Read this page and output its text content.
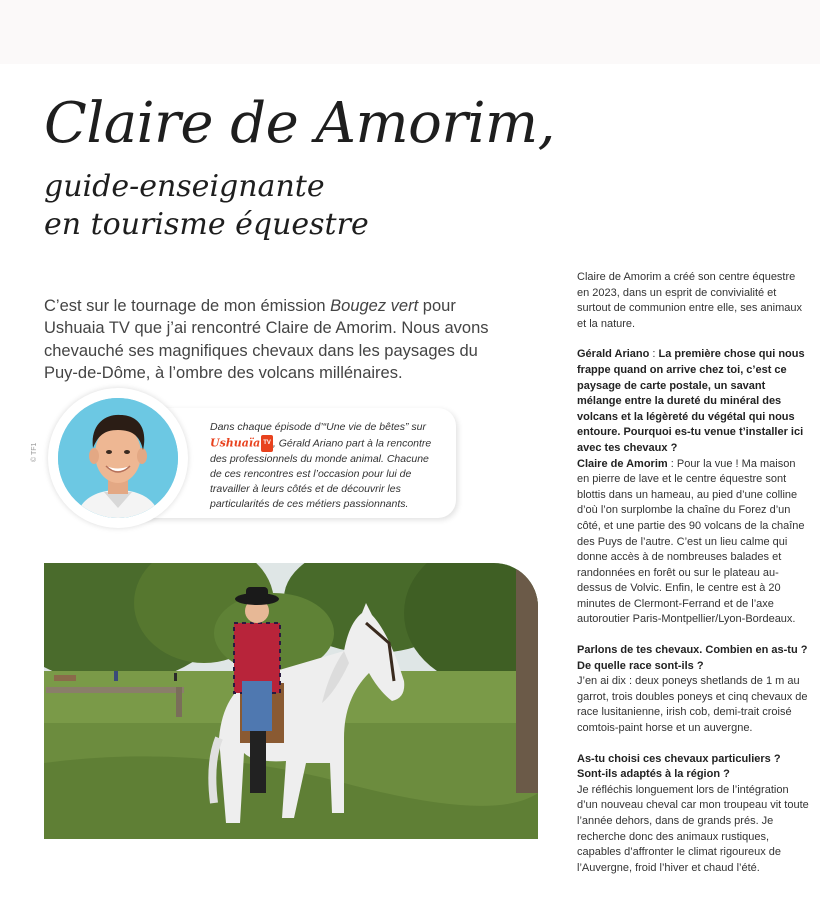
Claire de Amorim,
guide-enseignante
en tourisme équestre

C’est sur le tournage de mon émission Bougez vert pour Ushuaia TV que j’ai rencontré Claire de Amorim. Nous avons chevauché ses magnifiques chevaux dans les paysages du Puy-de-Dôme, à l’ombre des volcans millénaires.

© TF1
Dans chaque épisode d’“Une vie de bêtes” sur Ushuaïa TV , Gérald Ariano part à la rencontre des professionnels du monde animal. Chacune de ces rencontres est l’occasion pour lui de travailler à leurs côtés et de découvrir les particularités de ces métiers passionnants.

Claire de Amorim a créé son centre équestre en 2023, dans un esprit de convivialité et surtout de communion entre elle, ses animaux et la nature.

Gérald Ariano : La première chose qui nous frappe quand on arrive chez toi, c’est ce paysage de carte postale, un savant mélange entre la dureté du minéral des volcans et la légèreté du végétal qui nous entoure. Pourquoi es-tu venue t’installer ici avec tes chevaux ?
Claire de Amorim : Pour la vue ! Ma maison en pierre de lave et le centre équestre sont blottis dans un hameau, au pied d’une colline d’où l’on surplombe la chaîne du Forez d’un côté, et une partie des 90 volcans de la chaîne des Puys de l’autre. C’est un lieu calme qui donne accès à de nombreuses balades et randonnées en forêt ou sur le plateau au-dessus de Volvic. Enfin, le centre est à 20 minutes de Clermont-Ferrand et de l’axe autoroutier Paris-Montpellier/Lyon-Bordeaux.

Parlons de tes chevaux. Combien en as-tu ? De quelle race sont-ils ?
J’en ai dix : deux poneys shetlands de 1 m au garrot, trois doubles poneys et cinq chevaux de race lusitanienne, irish cob, demi-trait croisé comtois-paint horse et un auvergne.

As-tu choisi ces chevaux particuliers ? Sont-ils adaptés à la région ?
Je réfléchis longuement lors de l’intégration d’un nouveau cheval car mon troupeau vit toute l’année dehors, dans de grands prés. Je recherche donc des animaux rustiques, capables d’affronter le climat rigoureux de l’Auvergne, froid l’hiver et chaud l’été.
